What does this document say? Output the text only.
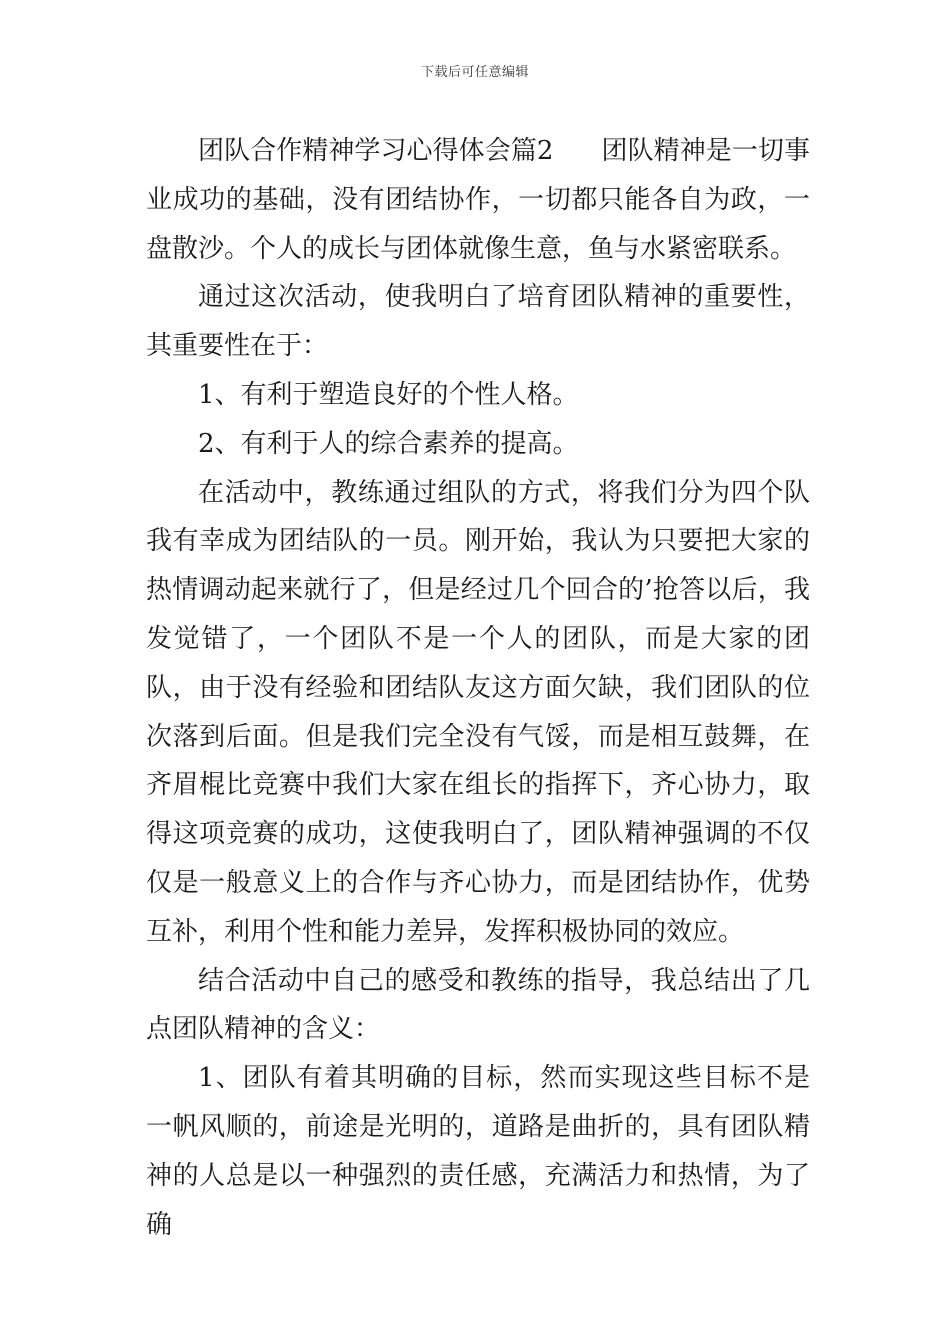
下载后可任意编辑

团队合作精神学习心得体会篇2 团队精神是一切事业成功的基础，没有团结协作，一切都只能各自为政，一盘散沙。个人的成长与团体就像生意，鱼与水紧密联系。

通过这次活动，使我明白了培育团队精神的重要性，其重要性在于：

1、有利于塑造良好的个性人格。

2、有利于人的综合素养的提高。

在活动中，教练通过组队的方式，将我们分为四个队我有幸成为团结队的一员。刚开始，我认为只要把大家的热情调动起来就行了，但是经过几个回合的’抢答以后，我发觉错了，一个团队不是一个人的团队，而是大家的团队，由于没有经验和团结队友这方面欠缺，我们团队的位次落到后面。但是我们完全没有气馁，而是相互鼓舞，在齐眉棍比竞赛中我们大家在组长的指挥下，齐心协力，取得这项竞赛的成功，这使我明白了，团队精神强调的不仅仅是一般意义上的合作与齐心协力，而是团结协作，优势互补，利用个性和能力差异，发挥积极协同的效应。

结合活动中自己的感受和教练的指导，我总结出了几点团队精神的含义：

1、团队有着其明确的目标，然而实现这些目标不是一帆风顺的，前途是光明的，道路是曲折的，具有团队精神的人总是以一种强烈的责任感，充满活力和热情，为了确
